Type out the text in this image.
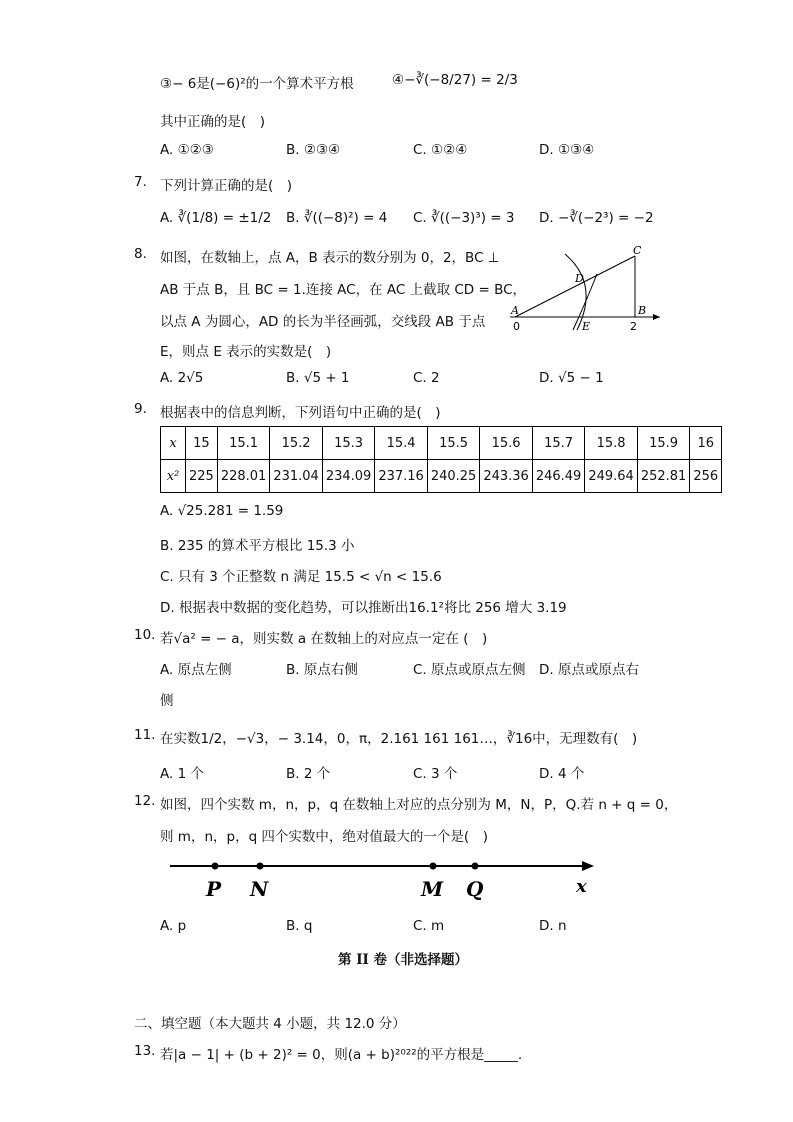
③− 6是(−6)²的一个算术平方根	④−∛(−8/27) = 2/3
其中正确的是(　)
A. ①②③	B. ②③④	C. ①②④	D. ①③④
7. 下列计算正确的是(　)
A. ∛(1/8) = ±1/2 B. ∛((−8)²) = 4 C. ∛((−3)³) = 3 D. −∛(−2³) = −2
8. 如图，在数轴上，点 A，B 表示的数分别为 0，2，BC ⊥
AB 于点 B，且 BC = 1.连接 AC，在 AC 上截取 CD = BC，
以点 A 为圆心，AD 的长为半径画弧，交线段 AB 于点
E，则点 E 表示的实数是(　)
A	B
C
D
E
0	2
A. 2√5	B. √5 + 1	C. 2	D. √5 − 1
9. 根据表中的信息判断，下列语句中正确的是(　)
x	15	15.1	15.2	15.3	15.4	15.5	15.6	15.7	15.8	15.9	16
x²	225	228.01	231.04	234.09	237.16	240.25	243.36	246.49	249.64	252.81	256
A. √25.281 = 1.59
B. 235 的算术平方根比 15.3 小
C. 只有 3 个正整数 n 满足 15.5 < √n < 15.6
D. 根据表中数据的变化趋势，可以推断出16.1²将比 256 增大 3.19
10. 若√a² = − a，则实数 a 在数轴上的对应点一定在 (　)
A. 原点左侧	B. 原点右侧	C. 原点或原点左侧 D. 原点或原点右
侧
11. 在实数1/2，−√3，− 3.14，0，π，2.161 161 161…，∛16中，无理数有(　)
A. 1 个	B. 2 个	C. 3 个	D. 4 个
12. 如图，四个实数 m，n，p，q 在数轴上对应的点分别为 M，N，P，Q.若 n + q = 0，
则 m，n，p，q 四个实数中，绝对值最大的一个是(　)
P N	M Q	x
A. p	B. q	C. m	D. n
第 II 卷（非选择题）
二、填空题（本大题共 4 小题，共 12.0 分）
13. 若|a − 1| + (b + 2)² = 0，则(a + b)²⁰²²的平方根是_____.
